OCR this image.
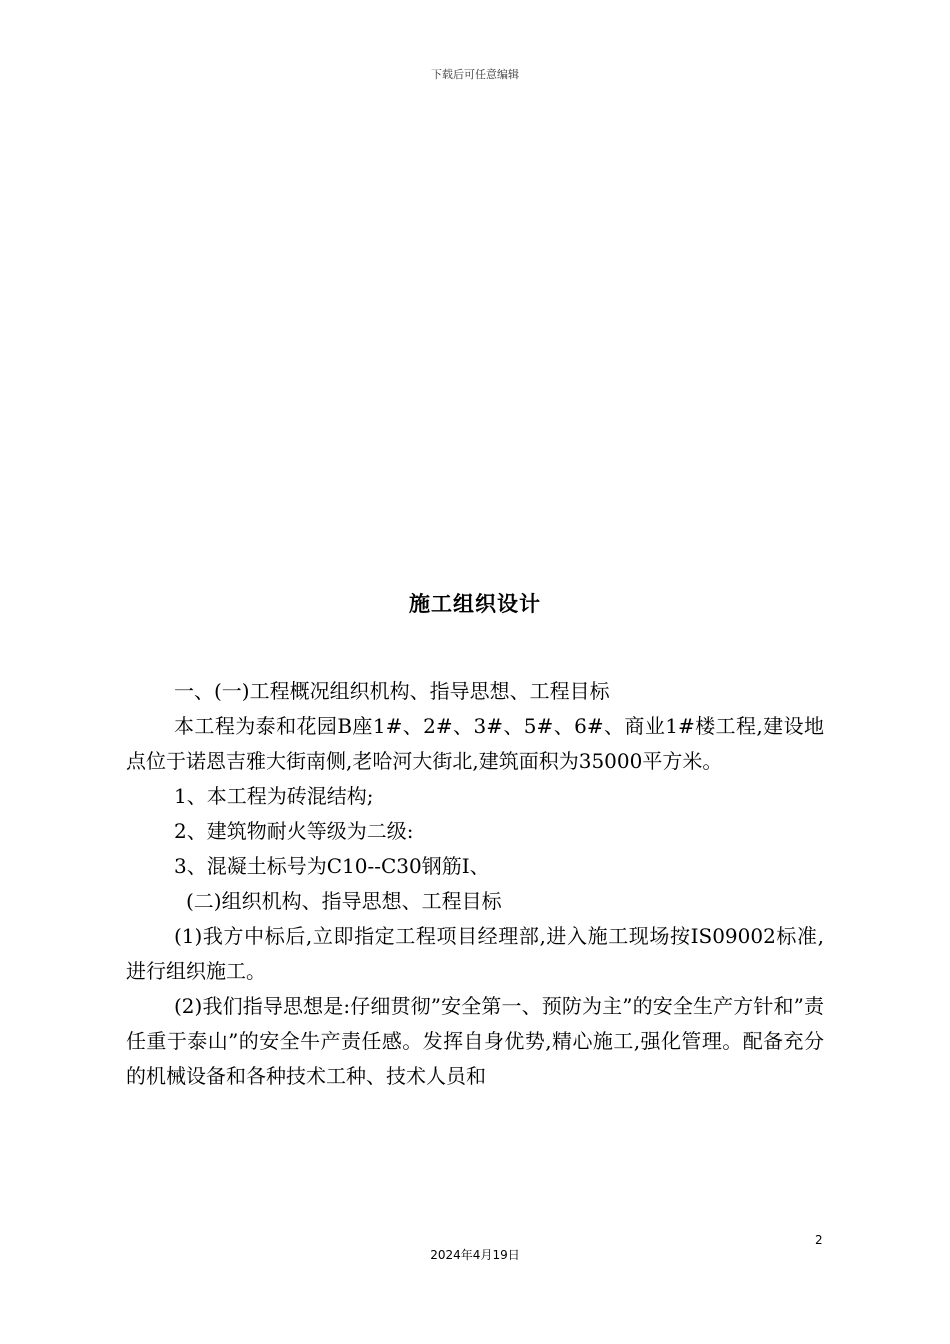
下载后可任意编辑
施工组织设计

一、(一)工程概况组织机构、指导思想、工程目标

本工程为泰和花园B座1#、2#、3#、5#、6#、商业1#楼工程,建设地点位于诺恩吉雅大街南侧,老哈河大街北,建筑面积为35000平方米。

1、本工程为砖混结构;

2、建筑物耐火等级为二级:

3、混凝土标号为C10--C30钢筋I、

(二)组织机构、指导思想、工程目标

(1)我方中标后,立即指定工程项目经理部,进入施工现场按IS09002标准,进行组织施工。

(2)我们指导思想是:仔细贯彻”安全第一、预防为主”的安全生产方针和”责任重于泰山”的安全牛产责任感。发挥自身优势,精心施工,强化管理。配备充分的机械设备和各种技术工种、技术人员和

2
2024年4月19日
